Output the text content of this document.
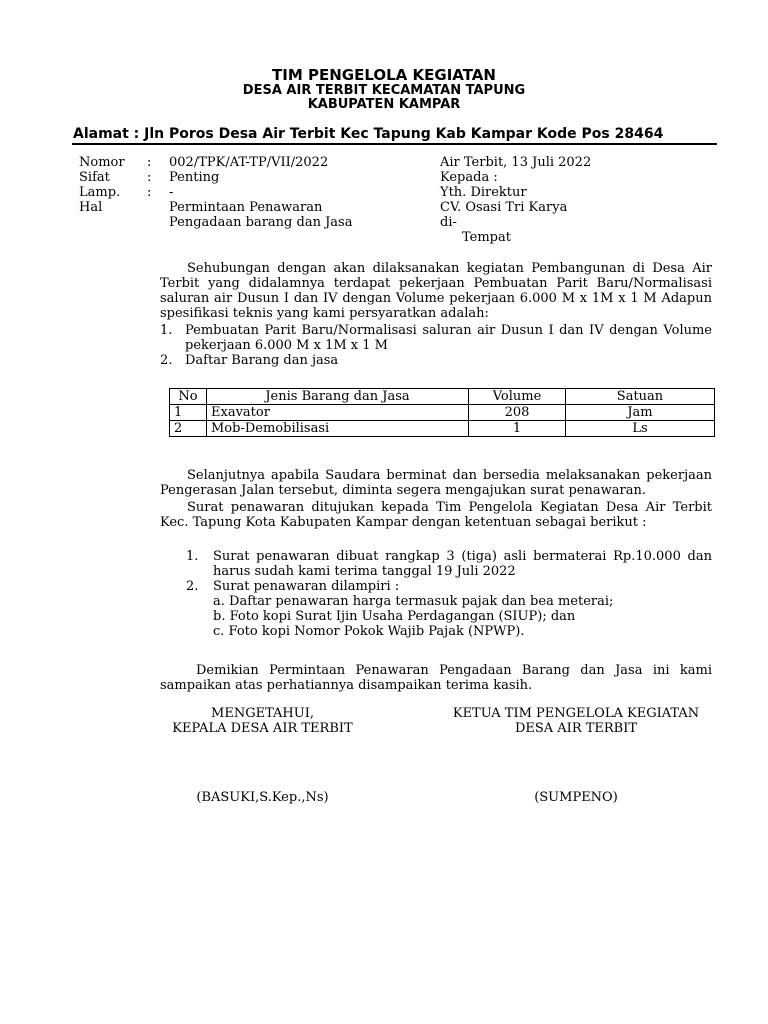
TIM PENGELOLA KEGIATAN
DESA AIR TERBIT KECAMATAN TAPUNG
KABUPATEN KAMPAR
Alamat : Jln Poros Desa Air Terbit Kec Tapung Kab Kampar Kode Pos 28464
Nomor	:	002/TPK/AT-TP/VII/2022
Sifat	:	Penting
Lamp.	:	-
Hal		Permintaan Penawaran
		Pengadaan barang dan Jasa
Air Terbit, 13 Juli 2022
Kepada :
Yth. Direktur
CV. Osasi Tri Karya
di-
Tempat
Sehubungan dengan akan dilaksanakan kegiatan Pembangunan di Desa Air Terbit yang didalamnya terdapat pekerjaan Pembuatan Parit Baru/Normalisasi saluran air Dusun I dan IV dengan Volume pekerjaan 6.000 M x 1M x 1 M Adapun spesifikasi teknis yang kami persyaratkan adalah:
1. Pembuatan Parit Baru/Normalisasi saluran air Dusun I dan IV dengan Volume pekerjaan 6.000 M x 1M x 1 M
2. Daftar Barang dan jasa
No	Jenis Barang dan Jasa	Volume	Satuan
1	Exavator	208	Jam
2	Mob-Demobilisasi	1	Ls
Selanjutnya apabila Saudara berminat dan bersedia melaksanakan pekerjaan Pengerasan Jalan tersebut, diminta segera mengajukan surat penawaran.
Surat penawaran ditujukan kepada Tim Pengelola Kegiatan Desa Air Terbit Kec. Tapung Kota Kabupaten Kampar dengan ketentuan sebagai berikut :
1.	Surat penawaran dibuat rangkap 3 (tiga) asli bermaterai Rp.10.000 dan harus sudah kami terima tanggal 19 Juli 2022
2.	Surat penawaran dilampiri :
a. Daftar penawaran harga termasuk pajak dan bea meterai;
b. Foto kopi Surat Ijin Usaha Perdagangan (SIUP); dan
c. Foto kopi Nomor Pokok Wajib Pajak (NPWP).
Demikian Permintaan Penawaran Pengadaan Barang dan Jasa ini kami sampaikan atas perhatiannya disampaikan terima kasih.
MENGETAHUI,
KEPALA DESA AIR TERBIT
KETUA TIM PENGELOLA KEGIATAN
DESA AIR TERBIT
(BASUKI,S.Kep.,Ns)	(SUMPENO)
